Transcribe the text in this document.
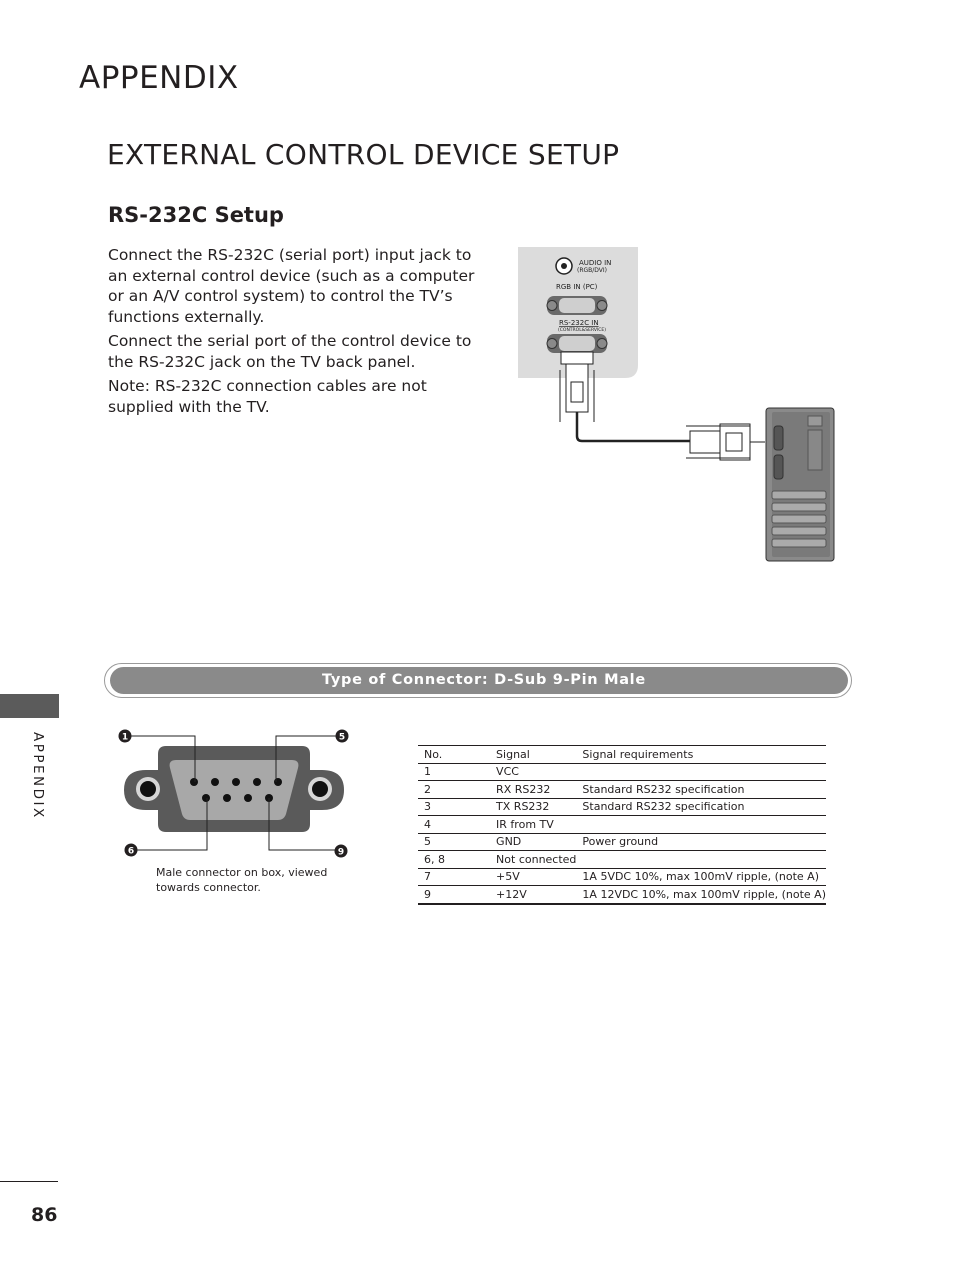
APPENDIX
EXTERNAL CONTROL DEVICE SETUP
RS-232C Setup

Connect the RS-232C (serial port) input jack to an external control device (such as a computer or an A/V control system) to control the TV’s functions externally.

Connect the serial port of the control device to the RS-232C jack on the TV back panel.

Note: RS-232C connection cables are not supplied with the TV.

AUDIO IN
(RGB/DVI)
RGB IN (PC)
RS-232C IN
(CONTROL&SERVICE)
Type of Connector: D-Sub 9-Pin Male
1	5
6	9
Male connector on box, viewed towards connector.
No.	Signal	Signal requirements
1	VCC	
2	RX RS232	Standard RS232 specification
3	TX RS232	Standard RS232 specification
4	IR from TV	
5	GND	Power ground
6, 8	Not connected	
7	+5V	1A 5VDC 10%, max 100mV ripple, (note A)
9	+12V	1A 12VDC 10%, max 100mV ripple, (note A)
APPENDIX
86
